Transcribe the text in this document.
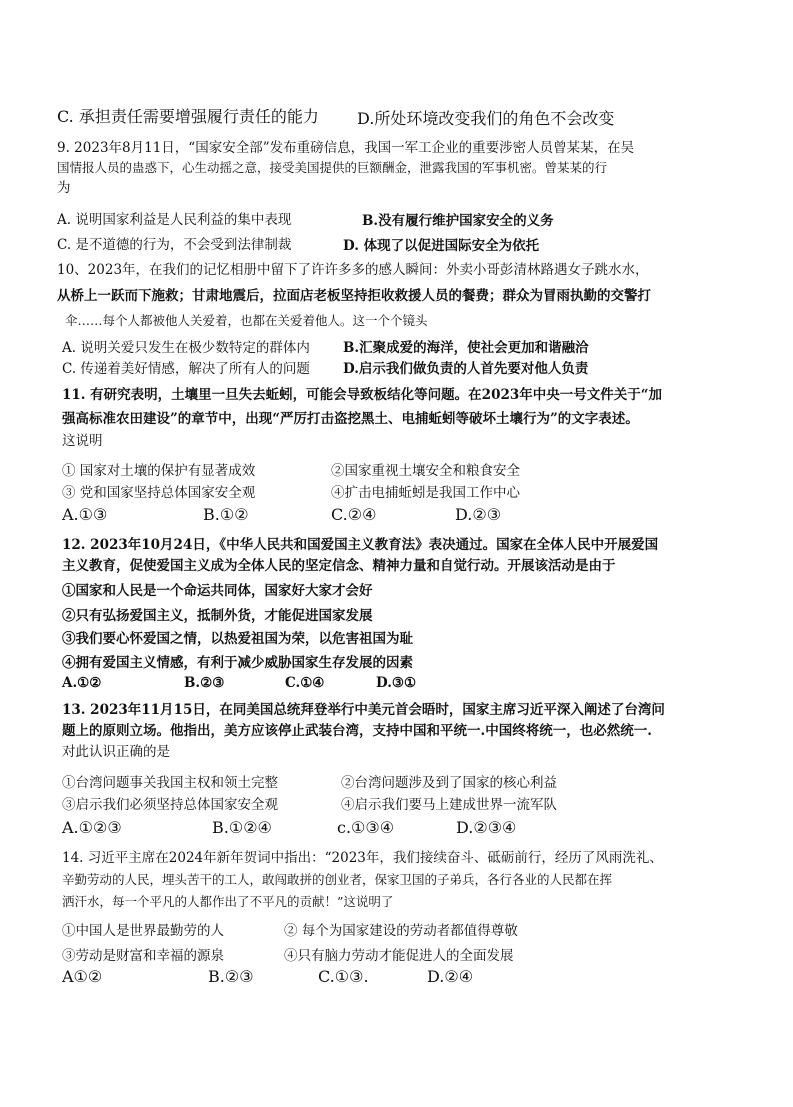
C. 承担责任需要增强履行责任的能力 D.所处环境改变我们的角色不会改变
9. 2023年8月11日，“国家安全部”发布重磅信息，我国一军工企业的重要涉密人员曾某某，在吴
国情报人员的蛊惑下，心生动摇之意，接受美国提供的巨额酬金，泄露我国的军事机密。曾某某的行
为
A. 说明国家利益是人民利益的集中表现	B.没有履行维护国家安全的义务
C. 是不道德的行为，不会受到法律制裁	D. 体现了以促进国际安全为依托
10、2023年，在我们的记忆相册中留下了许许多多的感人瞬间：外卖小哥彭清林路遇女子跳水水，
从桥上一跃而下施救；甘肃地震后，拉面店老板坚持拒收救援人员的餐费；群众为冒雨执勤的交警打
伞……每个人都被他人关爱着，也都在关爱着他人。这一个个镜头
A. 说明关爱只发生在极少数特定的群体内 B.汇聚成爱的海洋，使社会更加和谐融洽
C. 传递着美好情感，解决了所有人的问题 D.启示我们做负责的人首先要对他人负责
11. 有研究表明，土壤里一旦失去蚯蚓，可能会导致板结化等问题。在2023年中央一号文件关于“加
强高标准农田建设”的章节中，出现“严厉打击盗挖黑土、电捕蚯蚓等破坏土壤行为”的文字表述。
这说明
① 国家对土壤的保护有显著成效	②国家重视土壤安全和粮食安全
③ 党和国家坚持总体国家安全观	④扩击电捕蚯蚓是我国工作中心
A.①③	B.①②	C.②④	D.②③
12. 2023年10月24日，《中华人民共和国爱国主义教育法》表决通过。国家在全体人民中开展爱国
主义教育，促使爱国主义成为全体人民的坚定信念、精神力量和自觉行动。开展该活动是由于
①国家和人民是一个命运共同体，国家好大家才会好
②只有弘扬爱国主义，抵制外货，才能促进国家发展
③我们要心怀爱国之情，以热爱祖国为荣，以危害祖国为耻
④拥有爱国主义情感，有利于减少威胁国家生存发展的因素
A.①②	B.②③	C.①④	D.③①
13. 2023年11月15日，在同美国总统拜登举行中美元首会晤时，国家主席习近平深入阐述了台湾问
题上的原则立场。他指出，美方应该停止武装台湾，支持中国和平统一.中国终将统一，也必然统一.
对此认识正确的是
①台湾问题事关我国主权和领土完整	②台湾问题涉及到了国家的核心利益
③启示我们必须坚持总体国家安全观	④启示我们要马上建成世界一流军队
A.①②③	B.①②④	c.①③④	D.②③④
14. 习近平主席在2024年新年贺词中指出：“2023年，我们接续奋斗、砥砺前行，经历了风雨洗礼、
辛勤劳动的人民，埋头苦干的工人，敢闯敢拼的创业者，保家卫国的子弟兵，各行各业的人民都在挥
洒汗水，每一个平凡的人都作出了不平凡的贡献！”这说明了
①中国人是世界最勤劳的人	② 每个为国家建设的劳动者都值得尊敬
③劳动是财富和幸福的源泉	④只有脑力劳动才能促进人的全面发展
A①②	B.②③	C.①③.	D.②④
